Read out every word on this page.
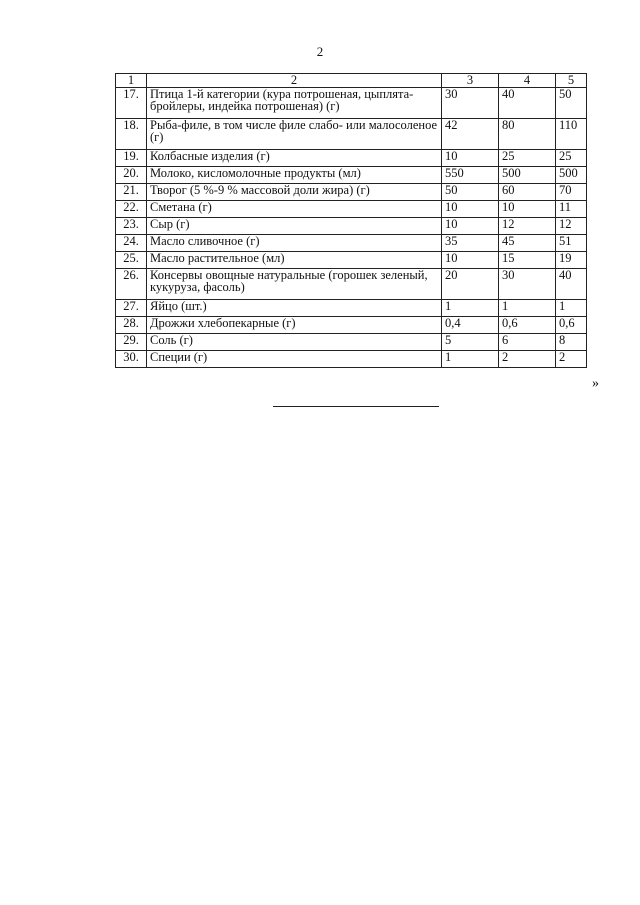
2
1	2	3	4	5
17.	Птица 1-й категории (кура потрошеная, цыплята-бройлеры, индейка потрошеная) (г)	30	40	50
18.	Рыба-филе, в том числе филе слабо- или малосоленое (г)	42	80	110
19.	Колбасные изделия (г)	10	25	25
20.	Молоко, кисломолочные продукты (мл)	550	500	500
21.	Творог (5 %-9 % массовой доли жира) (г)	50	60	70
22.	Сметана (г)	10	10	11
23.	Сыр (г)	10	12	12
24.	Масло сливочное (г)	35	45	51
25.	Масло растительное (мл)	10	15	19
26.	Консервы овощные натуральные (горошек зеленый, кукуруза, фасоль)	20	30	40
27.	Яйцо (шт.)	1	1	1
28.	Дрожжи хлебопекарные (г)	0,4	0,6	0,6
29.	Соль (г)	5	6	8
30.	Специи (г)	1	2	2
»
